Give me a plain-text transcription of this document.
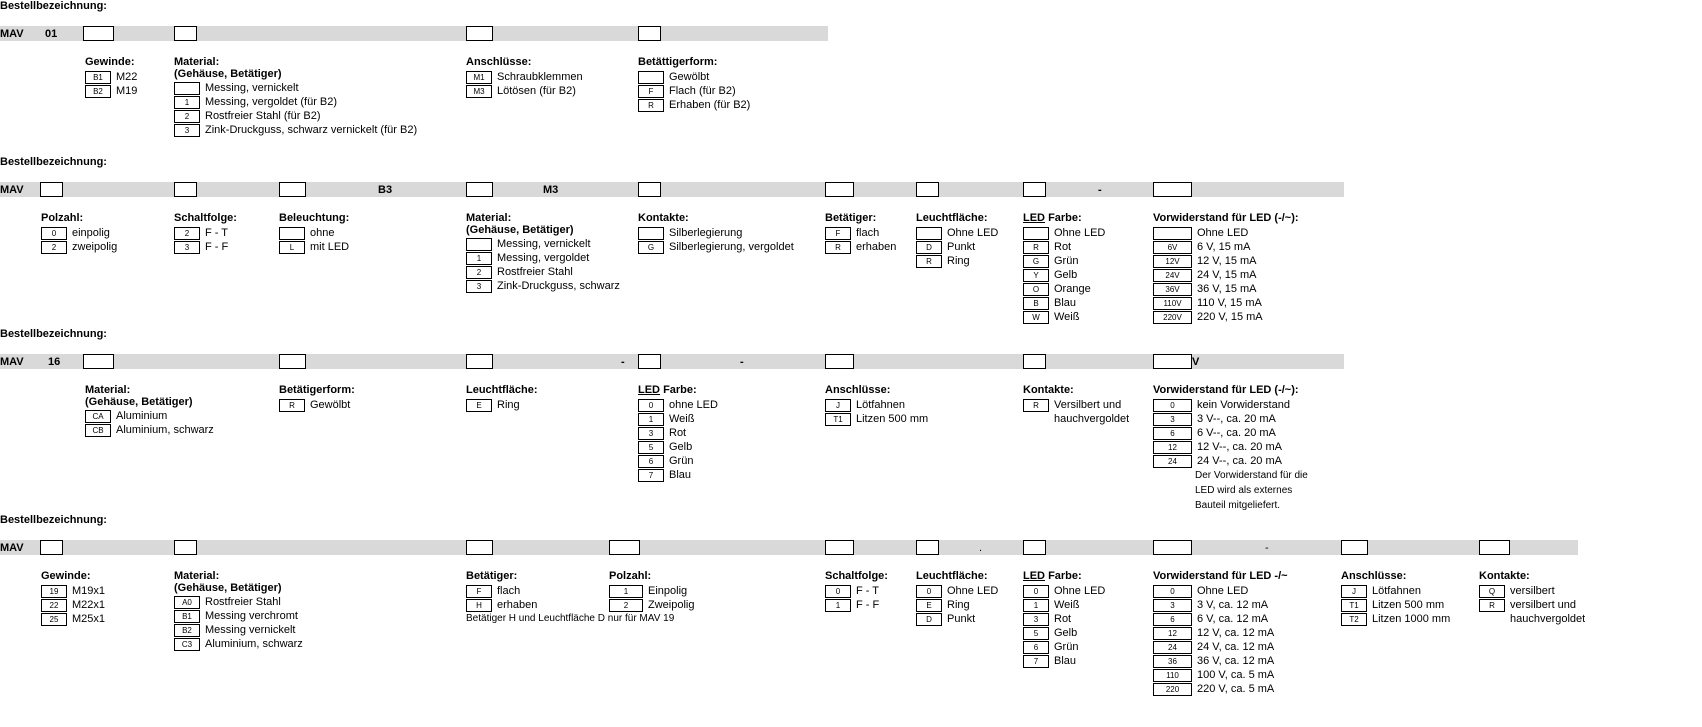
Bestellbezeichnung:
MAV 01
Gewinde:
B1	M22
B2	M19
Material:
(Gehäuse, Betätiger)
Messing, vernickelt
1	Messing, vergoldet (für B2)
2	Rostfreier Stahl (für B2)
3	Zink-Druckguss, schwarz vernickelt (für B2)
Anschlüsse:
M1	Schraubklemmen
M3	Lötösen (für B2)
Betättigerform:
Gewölbt
F	Flach (für B2)
R	Erhaben (für B2)
Bestellbezeichnung:
MAV	B3	M3	-
Polzahl:
0	einpolig
2	zweipolig
Schaltfolge:
2	F - T
3	F - F
Beleuchtung:
ohne
L	mit LED
Material:
(Gehäuse, Betätiger)
Messing, vernickelt
1	Messing, vergoldet
2	Rostfreier Stahl
3	Zink-Druckguss, schwarz
Kontakte:
Silberlegierung
G	Silberlegierung, vergoldet
Betätiger:
F	flach
R	erhaben
Leuchtfläche:
Ohne LED
D	Punkt
R	Ring
LED Farbe:
Ohne LED
R	Rot
G	Grün
Y	Gelb
O	Orange
B	Blau
W	Weiß
Vorwiderstand für LED (-/~):
Ohne LED
6V	6 V, 15 mA
12V	12 V, 15 mA
24V	24 V, 15 mA
36V	36 V, 15 mA
110V	110 V, 15 mA
220V	220 V, 15 mA
Bestellbezeichnung:
MAV 16	-	-	V
Material:
(Gehäuse, Betätiger)
CA	Aluminium
CB	Aluminium, schwarz
Betätigerform:
R	Gewölbt
Leuchtfläche:
E	Ring
LED Farbe:
0	ohne LED
1	Weiß
3	Rot
5	Gelb
6	Grün
7	Blau
Anschlüsse:
J	Lötfahnen
T1	Litzen 500 mm
Kontakte:
R	Versilbert und
hauchvergoldet
Vorwiderstand für LED (-/~):
0	kein Vorwiderstand
3	3 V--, ca. 20 mA
6	6 V--, ca. 20 mA
12	12 V--, ca. 20 mA
24	24 V--, ca. 20 mA
Der Vorwiderstand für die LED wird als externes Bauteil mitgeliefert.
Bestellbezeichnung:
MAV	.	-
Gewinde:
19	M19x1
22	M22x1
25	M25x1
Material:
(Gehäuse, Betätiger)
A0	Rostfreier Stahl
B1	Messing verchromt
B2	Messing vernickelt
C3	Aluminium, schwarz
Betätiger:
F	flach
H	erhaben
Betätiger H und Leuchtfläche D nur für MAV 19
Polzahl:
1	Einpolig
2	Zweipolig
Schaltfolge:
0	F - T
1	F - F
Leuchtfläche:
0	Ohne LED
E	Ring
D	Punkt
LED Farbe:
0	Ohne LED
1	Weiß
3	Rot
5	Gelb
6	Grün
7	Blau
Vorwiderstand für LED -/~
0	Ohne LED
3	3 V, ca. 12 mA
6	6 V, ca. 12 mA
12	12 V, ca. 12 mA
24	24 V, ca. 12 mA
36	36 V, ca. 12 mA
110	100 V, ca. 5 mA
220	220 V, ca. 5 mA
Anschlüsse:
J	Lötfahnen
T1	Litzen 500 mm
T2	Litzen 1000 mm
Kontakte:
Q	versilbert
R	versilbert und
hauchvergoldet
